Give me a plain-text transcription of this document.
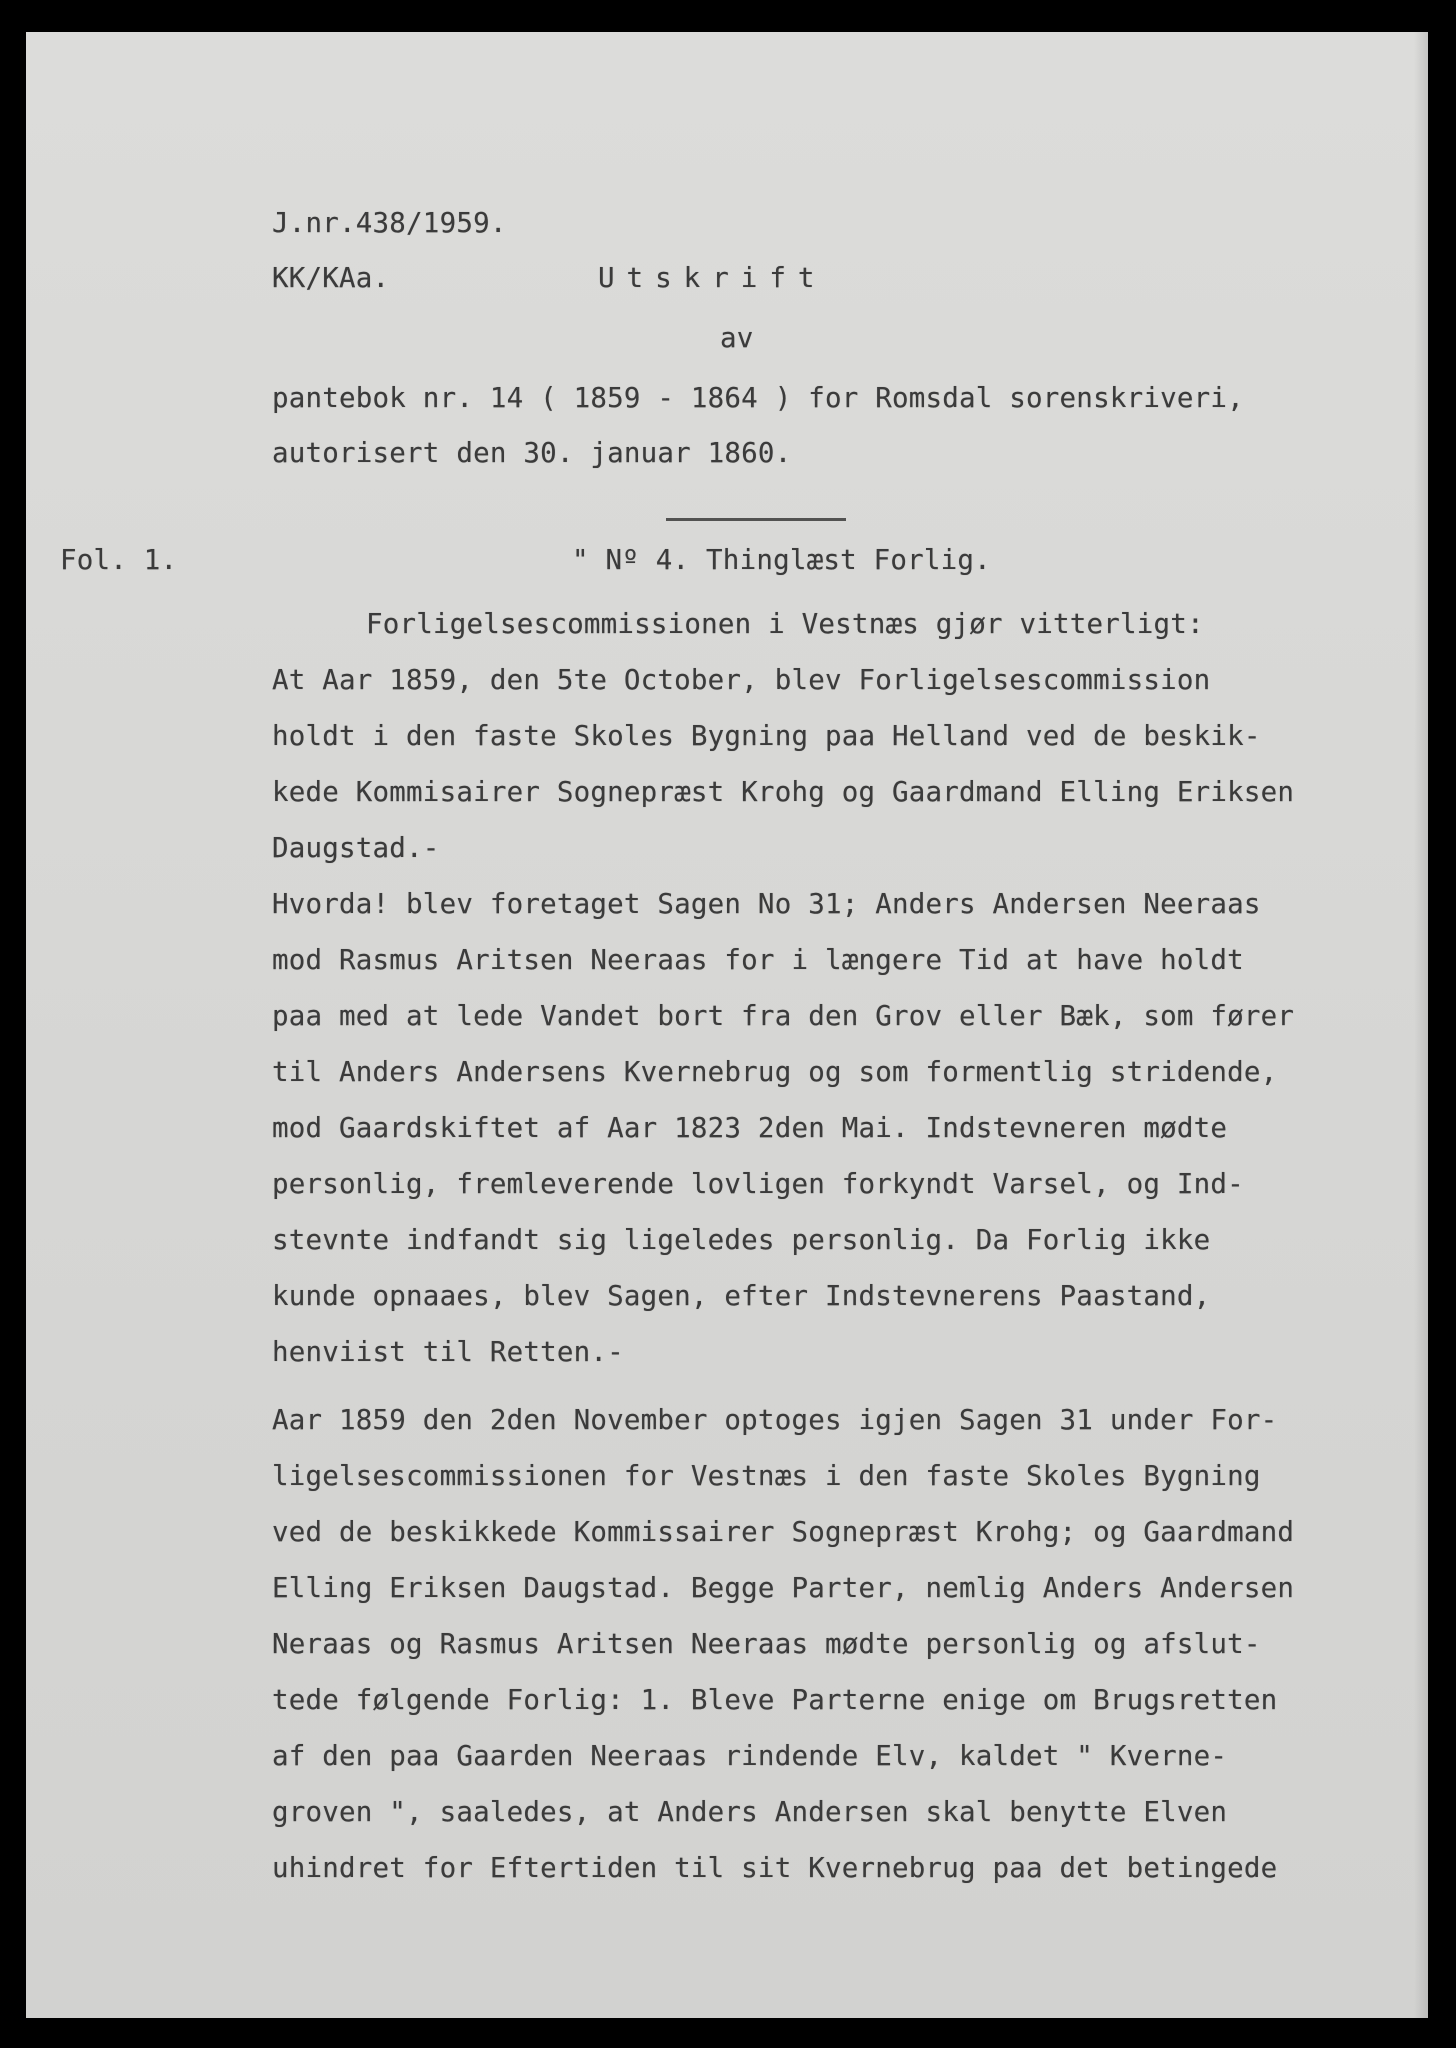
J.nr.438/1959.

KK/KAa.	Utskrift

av

pantebok nr. 14 ( 1859 - 1864 ) for Romsdal sorenskriveri,

autorisert den 30. januar 1860.

Fol. 1.	" Nº 4. Thinglæst Forlig.

Forligelsescommissionen i Vestnæs gjør vitterligt:

At Aar 1859, den 5te October, blev Forligelsescommission

holdt i den faste Skoles Bygning paa Helland ved de beskik-

kede Kommisairer Sognepræst Krohg og Gaardmand Elling Eriksen

Daugstad.-

Hvorda! blev foretaget Sagen No 31; Anders Andersen Neeraas

mod Rasmus Aritsen Neeraas for i længere Tid at have holdt

paa med at lede Vandet bort fra den Grov eller Bæk, som fører

til Anders Andersens Kvernebrug og som formentlig stridende,

mod Gaardskiftet af Aar 1823 2den Mai. Indstevneren mødte

personlig, fremleverende lovligen forkyndt Varsel, og Ind-

stevnte indfandt sig ligeledes personlig. Da Forlig ikke

kunde opnaaes, blev Sagen, efter Indstevnerens Paastand,

henviist til Retten.-

Aar 1859 den 2den November optoges igjen Sagen 31 under For-

ligelsescommissionen for Vestnæs i den faste Skoles Bygning

ved de beskikkede Kommissairer Sognepræst Krohg; og Gaardmand

Elling Eriksen Daugstad. Begge Parter, nemlig Anders Andersen

Neraas og Rasmus Aritsen Neeraas mødte personlig og afslut-

tede følgende Forlig: 1. Bleve Parterne enige om Brugsretten

af den paa Gaarden Neeraas rindende Elv, kaldet " Kverne-

groven ", saaledes, at Anders Andersen skal benytte Elven

uhindret for Eftertiden til sit Kvernebrug paa det betingede
